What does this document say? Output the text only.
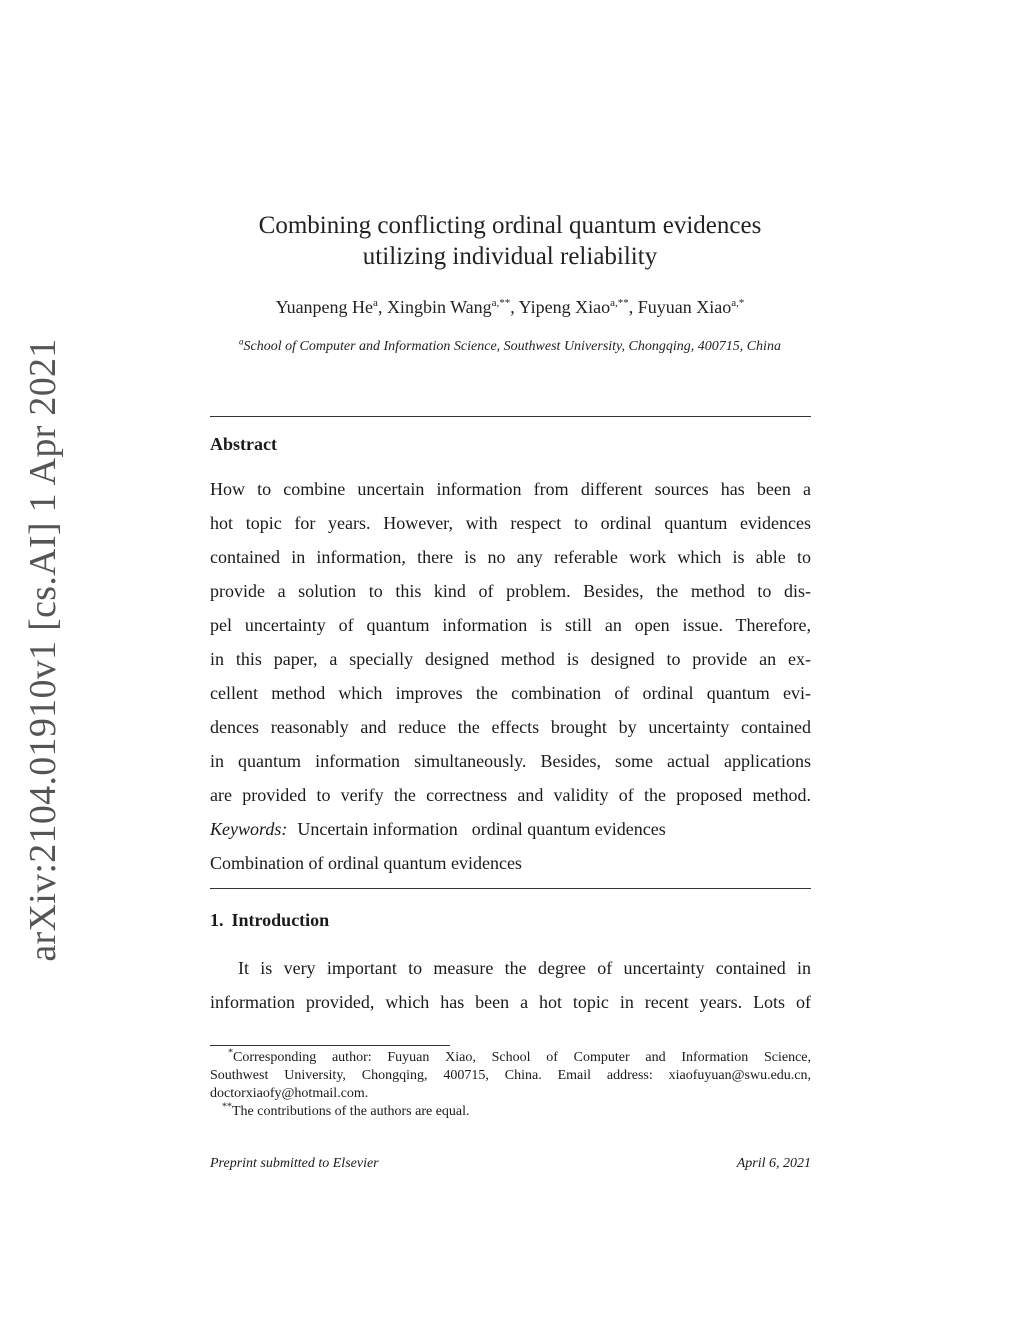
arXiv:2104.01910v1 [cs.AI] 1 Apr 2021
Combining conflicting ordinal quantum evidences
utilizing individual reliability
Yuanpeng He$^a$, Xingbin Wang$^{a,**}$, Yipeng Xiao$^{a,**}$, Fuyuan Xiao$^{a,*}$
$^a$School of Computer and Information Science, Southwest University, Chongqing, 400715, China
Abstract
How to combine uncertain information from different sources has been a
hot topic for years. However, with respect to ordinal quantum evidences
contained in information, there is no any referable work which is able to
provide a solution to this kind of problem. Besides, the method to dis-
pel uncertainty of quantum information is still an open issue. Therefore,
in this paper, a specially designed method is designed to provide an ex-
cellent method which improves the combination of ordinal quantum evi-
dences reasonably and reduce the effects brought by uncertainty contained
in quantum information simultaneously. Besides, some actual applications
are provided to verify the correctness and validity of the proposed method.
Keywords: Uncertain information ordinal quantum evidences
Combination of ordinal quantum evidences
1. Introduction
It is very important to measure the degree of uncertainty contained in
information provided, which has been a hot topic in recent years. Lots of
*Corresponding author: Fuyuan Xiao, School of Computer and Information Science,
Southwest University, Chongqing, 400715, China. Email address: xiaofuyuan@swu.edu.cn,
doctorxiaofy@hotmail.com.
**The contributions of the authors are equal.
Preprint submitted to Elsevier	April 6, 2021
